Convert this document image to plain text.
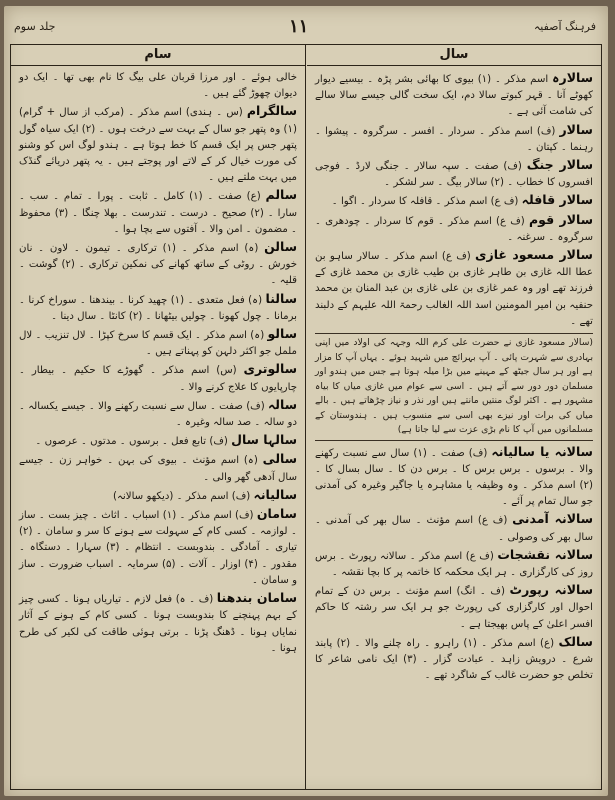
جلد سوم	١١	فرہنگ آصفیہ
سام
خالی ہوئے ۔ اور مرزا قربان علی بیگ کا نام بھی تھا ۔ ایک دو دیوان چھوڑ گئے ہیں ۔
سالگرام (س ۔ ہندی) اسم مذکر ۔ (مرکب از سال + گرام) (۱) وہ پتھر جو سال کے بہت سے درخت ہوں ۔ (۲) ایک سیاہ گول پتھر جس پر ایک قسم کا خط ہوتا ہے ۔ ہندو لوگ اس کو وشنو کی مورت خیال کر کے لاتے اور پوجتے ہیں ۔ یہ پتھر دریائے گنڈک میں بہت ملتے ہیں ۔
سالم (ع) صفت ۔ (۱) کامل ۔ ثابت ۔ پورا ۔ تمام ۔ سب ۔ سارا ۔ (۲) صحیح ۔ درست ۔ تندرست ۔ بھلا چنگا ۔ (۳) محفوظ ۔ مضمون ۔ امن والا ۔ آفتوں سے بچا ہوا ۔
سالن (ہ) اسم مذکر ۔ (۱) ترکاری ۔ تیمون ۔ لاون ۔ نان خورش ۔ روٹی کے ساتھ کھانے کی نمکین ترکاری ۔ (۲) گوشت ۔ قلیہ ۔
سالنا (ہ) فعل متعدی ۔ (۱) چھید کرنا ۔ بیندھنا ۔ سوراخ کرنا ۔ برمانا ۔ چول کھونا ۔ چولیں بیٹھانا ۔ (۲) کانٹا ۔ سال دینا ۔
سالو (ہ) اسم مذکر ۔ ایک قسم کا سرخ کپڑا ۔ لال تنزیب ۔ لال ململ جو اکثر دلہن کو پہناتے ہیں ۔
سالوتری (س) اسم مذکر ۔ گھوڑے کا حکیم ۔ بیطار ۔ چارپایوں کا علاج کرنے والا ۔
سالہ (ف) صفت ۔ سال سے نسبت رکھنے والا ۔ جیسے یکسالہ ۔ دو سالہ ۔ صد سالہ وغیرہ ۔
سالہا سال (ف) تابع فعل ۔ برسوں ۔ مدتوں ۔ عرصوں ۔
سالی (ہ) اسم مؤنث ۔ بیوی کی بہن ۔ خواہر زن ۔ جیسے سال آدھی گھر والی ۔
سالیانہ (ف) اسم مذکر ۔ (دیکھو سالانہ)
سامان (ف) اسم مذکر ۔ (۱) اسباب ۔ اثاث ۔ چیز بست ۔ ساز ۔ لوازمہ ۔ کسی کام کے سہولت سے ہونے کا سر و سامان ۔ (۲) تیاری ۔ آمادگی ۔ بندوبست ۔ انتظام ۔ (۳) سہارا ۔ دستگاہ ۔ مقدور ۔ (۴) اوزار ۔ آلات ۔ (۵) سرمایہ ۔ اسباب ضرورت ۔ ساز و سامان ۔
سامان بندھنا (ف ۔ ہ) فعل لازم ۔ تیاریاں ہونا ۔ کسی چیز کے بہم پہنچنے کا بندوبست ہونا ۔ کسی کام کے ہونے کے آثار نمایاں ہونا ۔ ڈھنگ پڑنا ۔ برتی ہوئی طاقت کی لکیر کی طرح ہونا ۔
سال
سالارہ اسم مذکر ۔ (۱) بیوی کا بھائی بشر پڑہ ۔ بیسیے دیوار کھوٹے آنا ۔ قہر کبوتے سالا دم، ایک سخت گالی جیسے سالا سالے کی شامت آئی ہے ۔
سالار (ف) اسم مذکر ۔ سردار ۔ افسر ۔ سرگروہ ۔ پیشوا ۔ رہنما ۔ کپتان ۔
سالار جنگ (ف) صفت ۔ سپہ سالار ۔ جنگی لارڈ ۔ فوجی افسروں کا خطاب ۔ (۲) سالار بیگ ۔ سر لشکر ۔
سالار قافلہ (ف ع) اسم مذکر ۔ قافلہ کا سردار ۔ اگوا ۔
سالار قوم (ف ع) اسم مذکر ۔ قوم کا سردار ۔ چودھری ۔ سرگروہ ۔ سرغنہ ۔
سالار مسعود غازی (ف ع) اسم مذکر ۔ سالار ساہو بن عطا اللہ غازی بن طاہر غازی بن طیب غازی بن محمد غازی کے فرزند تھے اور وہ عمر غازی بن علی غازی بن عبد المنان بن محمد حنفیہ بن امیر المومنین اسد اللہ الغالب رحمۃ اللہ علیہم کے دلبند تھے ۔
(سالار مسعود غازی نے حضرت علی کرم اللہ وجہہ کی اولاد میں اپنی بہادری سے شہرت پائی ۔ آپ بہرائچ میں شہید ہوئے ۔ یہاں آپ کا مزار ہے اور ہر سال جیٹھ کے مہینے میں بڑا میلہ ہوتا ہے جس میں ہندو اور مسلمان دور دور سے آتے ہیں ۔ اسی سے عوام میں غازی میاں کا بیاہ مشہور ہے ۔ اکثر لوگ منتیں مانتے ہیں اور نذر و نیاز چڑھاتے ہیں ۔ بالے میاں کی برات اور نیزے بھی اسی سے منسوب ہیں ۔ ہندوستان کے مسلمانوں میں آپ کا نام بڑی عزت سے لیا جاتا ہے)
سالانہ یا سالیانہ (ف) صفت ۔ (۱) سال سے نسبت رکھنے والا ۔ برسوں ۔ برس برس کا ۔ برس دن کا ۔ سال بسال کا ۔ (۲) اسم مذکر ۔ وہ وظیفہ یا مشاہرہ یا جاگیر وغیرہ کی آمدنی جو سال تمام پر آئے ۔
سالانہ آمدنی (ف ع) اسم مؤنث ۔ سال بھر کی آمدنی ۔ سال بھر کی وصولی ۔
سالانہ نقشجات (ف ع) اسم مذکر ۔ سالانہ رپورٹ ۔ برس روز کی کارگزاری ۔ ہر ایک محکمہ کا خاتمہ پر کا بچا نقشہ ۔
سالانہ رپورٹ (ف ۔ انگ) اسم مؤنث ۔ برس دن کے تمام احوال اور کارگزاری کی رپورٹ جو ہر ایک سر رشتہ کا حاکم افسر اعلیٰ کے پاس بھیجتا ہے ۔
سالک (ع) اسم مذکر ۔ (۱) راہرو ۔ راہ چلنے والا ۔ (۲) پابند شرع ۔ درویش زاہد ۔ عبادت گزار ۔ (۳) ایک نامی شاعر کا تخلص جو حضرت غالب کے شاگرد تھے ۔
